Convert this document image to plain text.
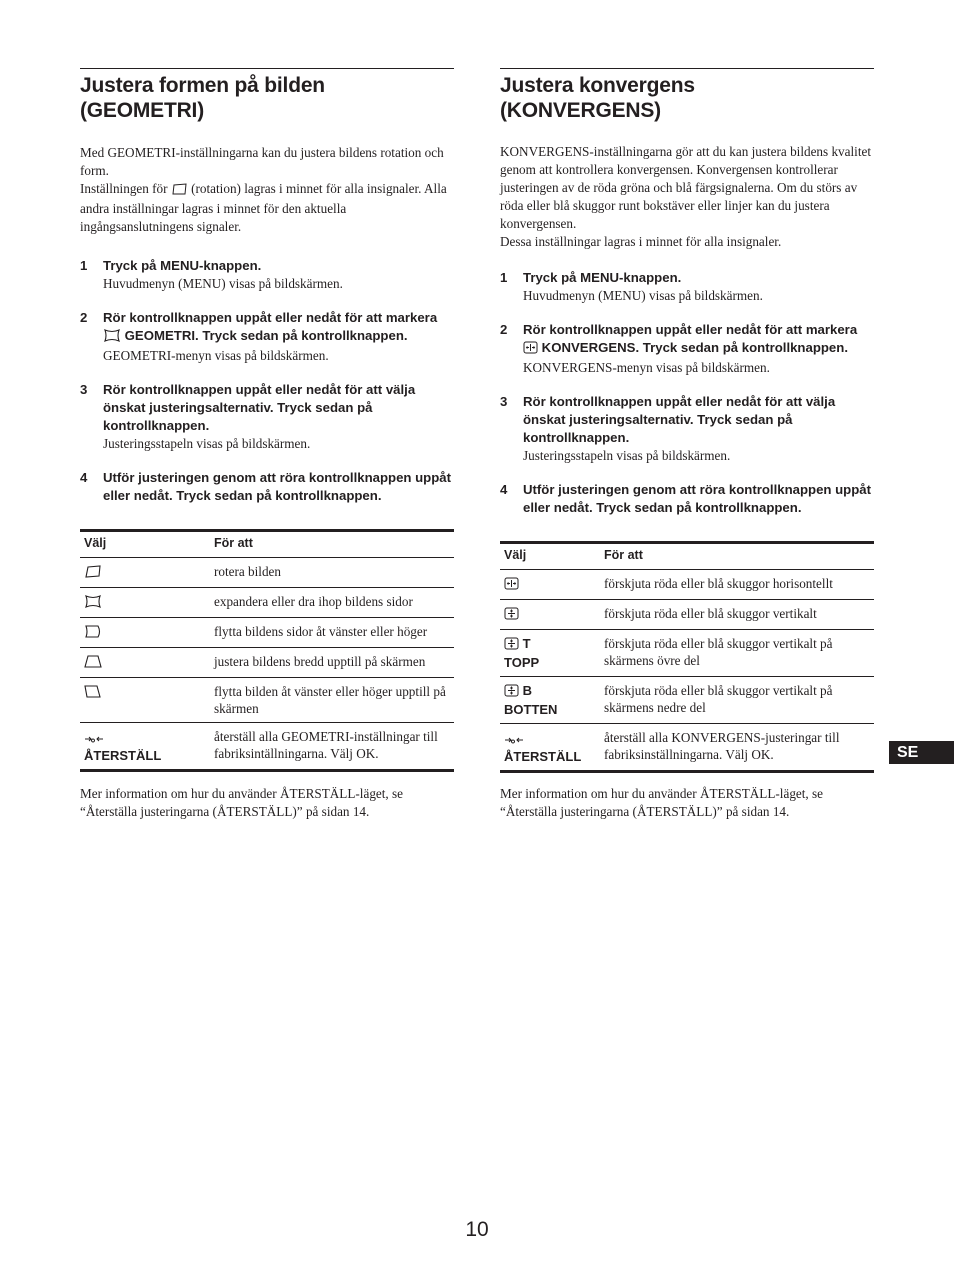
Justera formen på bilden
(GEOMETRI)

Med GEOMETRI-inställningarna kan du justera bildens rotation och form.

Inställningen för (rotation) lagras i minnet för alla insignaler. Alla andra inställningar lagras i minnet för den aktuella ingångsanslutningens signaler.

1 Tryck på MENU-knappen.
Huvudmenyn (MENU) visas på bildskärmen.
2 Rör kontrollknappen uppåt eller nedåt för att markera  GEOMETRI. Tryck sedan på kontrollknappen.
GEOMETRI-menyn visas på bildskärmen.
3 Rör kontrollknappen uppåt eller nedåt för att välja önskat justeringsalternativ. Tryck sedan på kontrollknappen.
Justeringsstapeln visas på bildskärmen.
4 Utför justeringen genom att röra kontrollknappen uppåt eller nedåt. Tryck sedan på kontrollknappen.
Välj	För att
	rotera bilden
	expandera eller dra ihop bildens sidor
	flytta bildens sidor åt vänster eller höger
	justera bildens bredd upptill på skärmen
	flytta bilden åt vänster eller höger upptill på skärmen

ÅTERSTÄLL	återställ alla GEOMETRI-inställningar till fabriksintällningarna. Välj OK.
Mer information om hur du använder ÅTERSTÄLL-läget, se “Återställa justeringarna (ÅTERSTÄLL)” på sidan 14.
Justera konvergens
(KONVERGENS)

KONVERGENS-inställningarna gör att du kan justera bildens kvalitet genom att kontrollera konvergensen. Konvergensen kontrollerar justeringen av de röda gröna och blå färgsignalerna. Om du störs av röda eller blå skuggor runt bokstäver eller linjer kan du justera konvergensen.

Dessa inställningar lagras i minnet för alla insignaler.

1 Tryck på MENU-knappen.
Huvudmenyn (MENU) visas på bildskärmen.
2 Rör kontrollknappen uppåt eller nedåt för att markera  KONVERGENS. Tryck sedan på kontrollknappen.
KONVERGENS-menyn visas på bildskärmen.
3 Rör kontrollknappen uppåt eller nedåt för att välja önskat justeringsalternativ. Tryck sedan på kontrollknappen.
Justeringsstapeln visas på bildskärmen.
4 Utför justeringen genom att röra kontrollknappen uppåt eller nedåt. Tryck sedan på kontrollknappen.
Välj	För att
	förskjuta röda eller blå skuggor horisontellt
	förskjuta röda eller blå skuggor vertikalt
T
TOPP	förskjuta röda eller blå skuggor vertikalt på skärmens övre del
B
BOTTEN	förskjuta röda eller blå skuggor vertikalt på skärmens nedre del

ÅTERSTÄLL	återställ alla KONVERGENS-justeringar till fabriksinställningarna. Välj OK.
Mer information om hur du använder ÅTERSTÄLL-läget, se “Återställa justeringarna (ÅTERSTÄLL)” på sidan 14.
SE
10
